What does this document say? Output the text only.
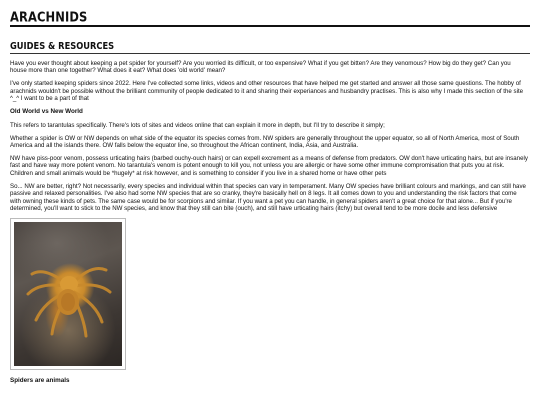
ARACHNIDS
GUIDES & RESOURCES

Have you ever thought about keeping a pet spider for yourself? Are you worried its difficult, or too expensive? What if you get bitten? Are they venomous? How big do they get? Can you house more than one together? What does it eat? What does 'old world' mean?

I've only started keeping spiders since 2022. Here I've collected some links, videos and other resources that have helped me get started and answer all those same questions. The hobby of arachnids wouldn't be possible without the brilliant community of people dedicated to it and sharing their experiances and husbandry practises. This is also why I made this section of the site ^_^ I want to be a part of that

Old World vs New World

This refers to tarantulas specifically. There's lots of sites and videos online that can explain it more in depth, but I'll try to describe it simply;

Whether a spider is OW or NW depends on what side of the equator its species comes from. NW spiders are generally throughout the upper equator, so all of North America, most of South America and all the islands there. OW falls below the equator line, so throughout the African continent, India, Asia, and Australia.

NW have piss-poor venom, possess urticating hairs (barbed ouchy-ouch hairs) or can expell excrement as a means of defense from predators. OW don't have urticating hairs, but are insanely fast and have way more potent venom. No tarantula's venom is potent enough to kill you, not unless you are allergic or have some other immune compromisation that puts you at risk. Children and small animals would be *hugely* at risk however, and is something to consider if you live in a shared home or have other pets

So... NW are better, right? Not necessarily, every species and individual within that species can vary in temperament. Many OW species have brilliant colours and markings, and can still have passive and relaxed personalities. I've also had some NW species that are so cranky, they're basically hell on 8 legs. It all comes down to you and understanding the risk factors that come with owning these kinds of pets. The same case would be for scorpions and similar. If you want a pet you can handle, in general spiders aren't a great choice for that alone... But if you're determined, you'll want to stick to the NW species, and know that they still can bite (ouch), and still have urticating hairs (itchy) but overall tend to be more docile and less defensive

Spiders are animals
